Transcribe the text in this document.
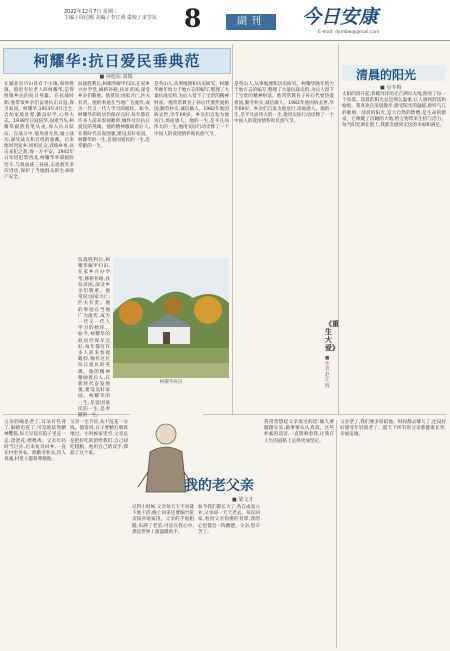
2022年12月7日 星期三
主编 / 周信刚 美编 / 李江涛 责校 / 宋学东 8	副刊	今日安康
E-mail: dymbw@gmail.com
柯耀华:抗日爱民垂典范
■ 孙旭东 刘瑞
在湖北省竹山县有个小镇,叫得胜镇。镇里有位老人叫柯耀华,是得胜镇乡民的抗日英雄。在抗战时期,他带领乡亲们奋勇抗击日寇,保卫家园。柯耀华,1913年4月出生,自幼家境贫寒,勤奋好学,心怀大志。1938年日寇侵华,国难当头,柯耀华毅然投笔从戎,加入抗日队伍。在战斗中,他英勇无畏,屡立战功,深受战友和百姓的爱戴。后来他回到家乡,组织民众,训练乡勇,抗击来犯之敌,保一方平安。1942年日军进犯鄂西北,柯耀华率部据险坚守,与敌血战三昼夜,击退敌军多次进攻,保护了当地群众的生命财产安全。
抗战胜利后,柯耀华解甲归田,在家乡兴办学堂,修桥补路,扶贫济困,深受乡亲们敬重。他常说:国家兴亡,匹夫有责。他的事迹在当地广为流传,成为一代又一代人学习的榜样。如今,柯耀华的故居仍保存完好,每年都有许多人前来参观瞻仰,缅怀这位抗日爱民的英雄。他的精神激励着后人,在新时代奋发图强,建设美好家园。柯耀华的一生,是爱国爱民的一生,是奉献的一生。
是英山人,从事地理和历史研究。柯耀华晚年致力于地方志的编写,整理了大量抗战史料,为后人留下了宝贵的精神财富。他常常教育子孙后代要热爱祖国,勤劳朴实,诚信做人。1982年他因病去世,享年69岁。乡亲们自发为他送行,场面感人。他的一生,是平凡而伟大的一生,他用实际行动诠释了一个中国人的爱国情怀和民族气节。
抗战胜利后,柯耀华解甲归田,在家乡兴办学堂,修桥补路,扶贫济困,深受乡亲们敬重。他常说:国家兴亡,匹夫有责。他的事迹在当地广为流传,成为一代又一代人学习的榜样。如今,柯耀华的故居仍保存完好,每年都有许多人前来参观瞻仰,缅怀这位抗日爱民的英雄。他的精神激励着后人,在新时代奋发图强,建设美好家园。柯耀华的一生,是爱国爱民的一生,是奉献的一生。
柯耀华故居
《重生大爱》
■ 作者 赵江海
是英山人,从事地理和历史研究。柯耀华晚年致力于地方志的编写,整理了大量抗战史料,为后人留下了宝贵的精神财富。他常常教育子孙后代要热爱祖国,勤劳朴实,诚信做人。1982年他因病去世,享年69岁。乡亲们自发为他送行,场面感人。他的一生,是平凡而伟大的一生,他用实际行动诠释了一个中国人的爱国情怀和民族气节。
清晨的阳光
■ 吴冬梅
太阳的清升起,将暖洋洋的光芒洒向大地,照亮了每一个角落。清晨的阳光总是那么温柔,让人感到舒适和愉悦。我喜欢在清晨散步,感受阳光的温暖,聆听鸟儿的歌唱。清晨的阳光,是大自然的馈赠,是生命的源泉。它唤醒了沉睡的大地,给万物带来生机与活力。每当阳光洒在脸上,我都会感到无比的幸福和满足。
我的老父亲
■ 梁文才
父亲的确是老了,耳朵有些背了,眼睛也花了,可是他依然精神矍铄,每天早起在院子里走一走,浇浇花,喂喂鸡。父亲年轻时当过兵,后来复员回乡,一直在村里务农。他勤劳朴实,待人真诚,村里人都很尊敬他。
父亲一生节俭,从不乱花一分钱。他常说,日子要精打细算地过。小时候家里穷,父亲总是把好吃的留给我们,自己却吃粗粮。他用自己的双手,撑起了这个家。
记得小时候,父亲每天天不亮就下地干活,晚上回来还要编竹筐卖钱补贴家用。父亲的手很粗糙,布满了老茧,可是在我心中,那是世界上最温暖的手。
如今我们都长大了,各自成家立业,父亲却一天天老去。每次回家,看到父亲佝偻的背影,我的心里都会一阵酸楚。父亲,您辛苦了。
我常常想起父亲说过的话:做人要踏踏实实,做事要认认真真。这些朴素的话语,一直影响着我,让我在人生的道路上走得更加坚定。
父亲老了,我们要多陪陪他。时间都去哪儿了,还没好好感受年轻就老了。愿天下所有的父亲都健康长寿,幸福安康。
